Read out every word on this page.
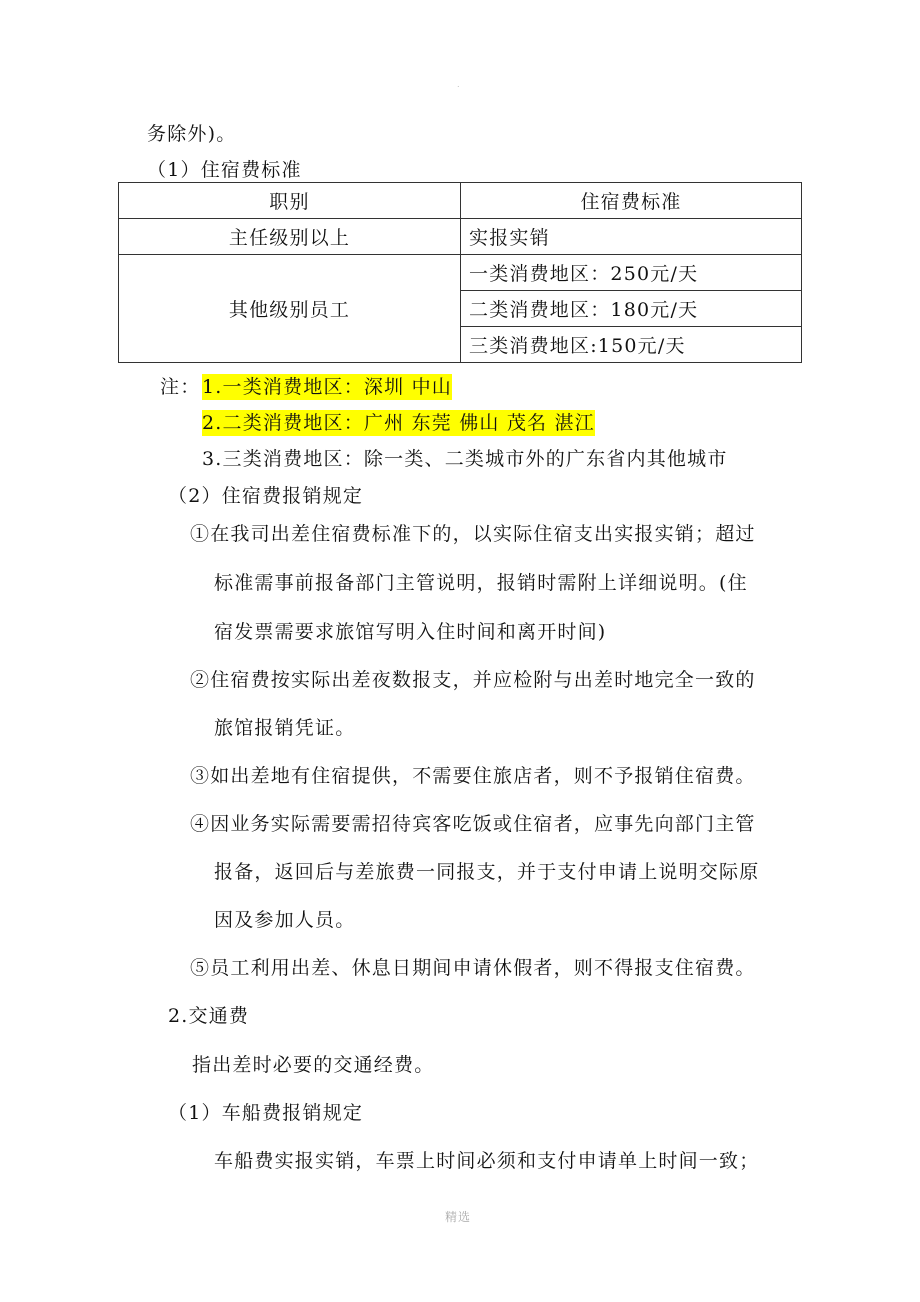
.
务除外)。
（1）住宿费标准
职别	住宿费标准
主任级别以上	实报实销
其他级别员工	一类消费地区：250元/天
	二类消费地区：180元/天
	三类消费地区:150元/天
注： 1.一类消费地区：深圳 中山
2.二类消费地区：广州 东莞 佛山 茂名 湛江
3.三类消费地区：除一类、二类城市外的广东省内其他城市
（2）住宿费报销规定
①在我司出差住宿费标准下的，以实际住宿支出实报实销；超过
标准需事前报备部门主管说明，报销时需附上详细说明。(住
宿发票需要求旅馆写明入住时间和离开时间)
②住宿费按实际出差夜数报支，并应检附与出差时地完全一致的
旅馆报销凭证。
③如出差地有住宿提供，不需要住旅店者，则不予报销住宿费。
④因业务实际需要需招待宾客吃饭或住宿者，应事先向部门主管
报备，返回后与差旅费一同报支，并于支付申请上说明交际原
因及参加人员。
⑤员工利用出差、休息日期间申请休假者，则不得报支住宿费。
2.交通费
指出差时必要的交通经费。
（1）车船费报销规定
车船费实报实销，车票上时间必须和支付申请单上时间一致；
精选
